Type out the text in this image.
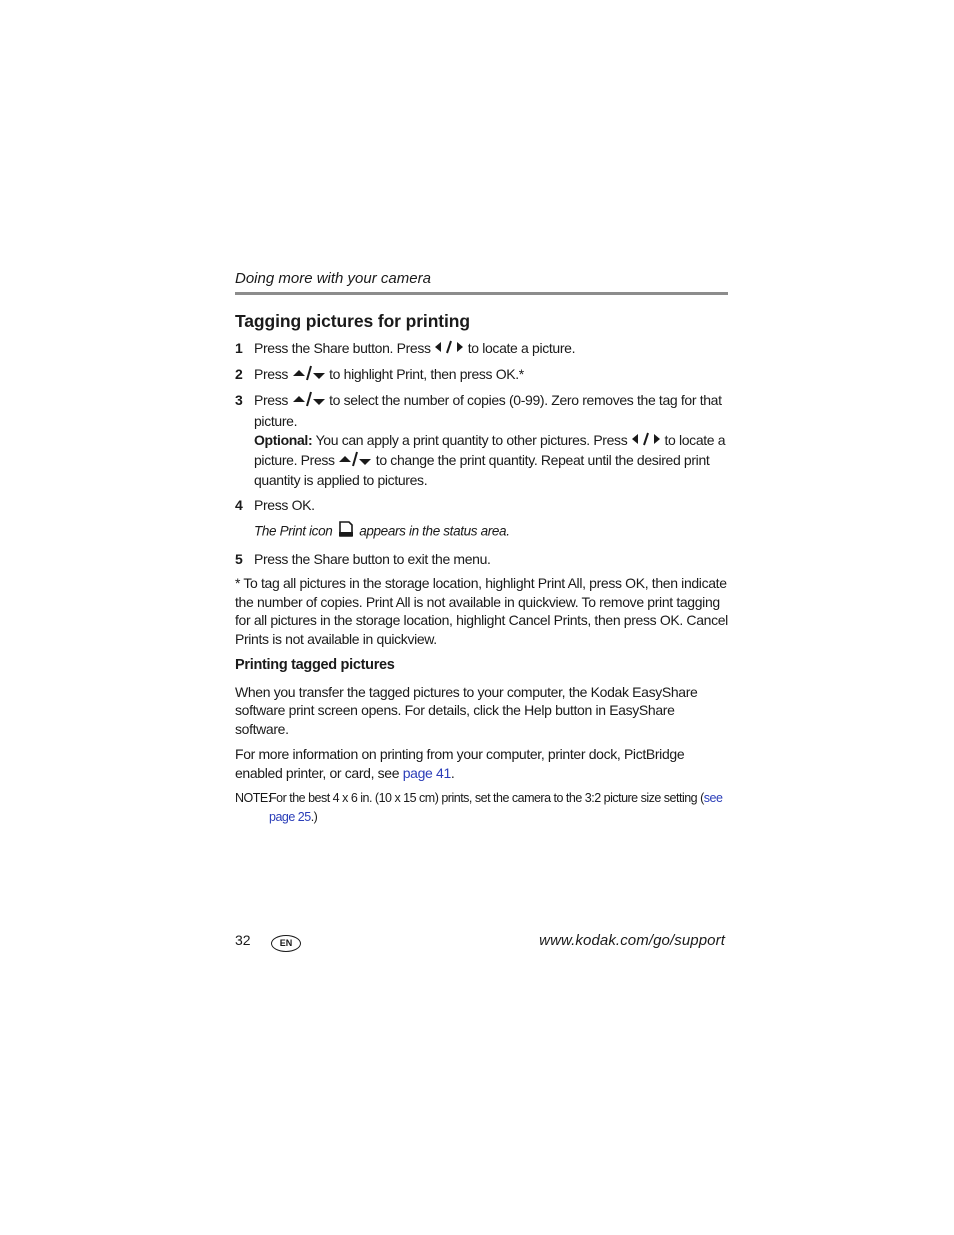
Doing more with your camera
Tagging pictures for printing
1 Press the Share button. Press	to locate a picture.
2 Press	to highlight Print, then press OK.*
3 Press	to select the number of copies (0-99). Zero removes the tag for that picture.
Optional: You can apply a print quantity to other pictures. Press	to locate a picture. Press	to change the print quantity. Repeat until the desired print quantity is applied to pictures.
4 Press OK.
The Print icon appears in the status area.
5 Press the Share button to exit the menu.

* To tag all pictures in the storage location, highlight Print All, press OK, then indicate the number of copies. Print All is not available in quickview. To remove print tagging for all pictures in the storage location, highlight Cancel Prints, then press OK. Cancel Prints is not available in quickview.

Printing tagged pictures

When you transfer the tagged pictures to your computer, the Kodak EasyShare software print screen opens. For details, click the Help button in EasyShare software.

For more information on printing from your computer, printer dock, PictBridge enabled printer, or card, see page 41.

NOTE:
For the best 4 x 6 in. (10 x 15 cm) prints, set the camera to the 3:2 picture size setting (see page 25.)
32	EN	www.kodak.com/go/support
